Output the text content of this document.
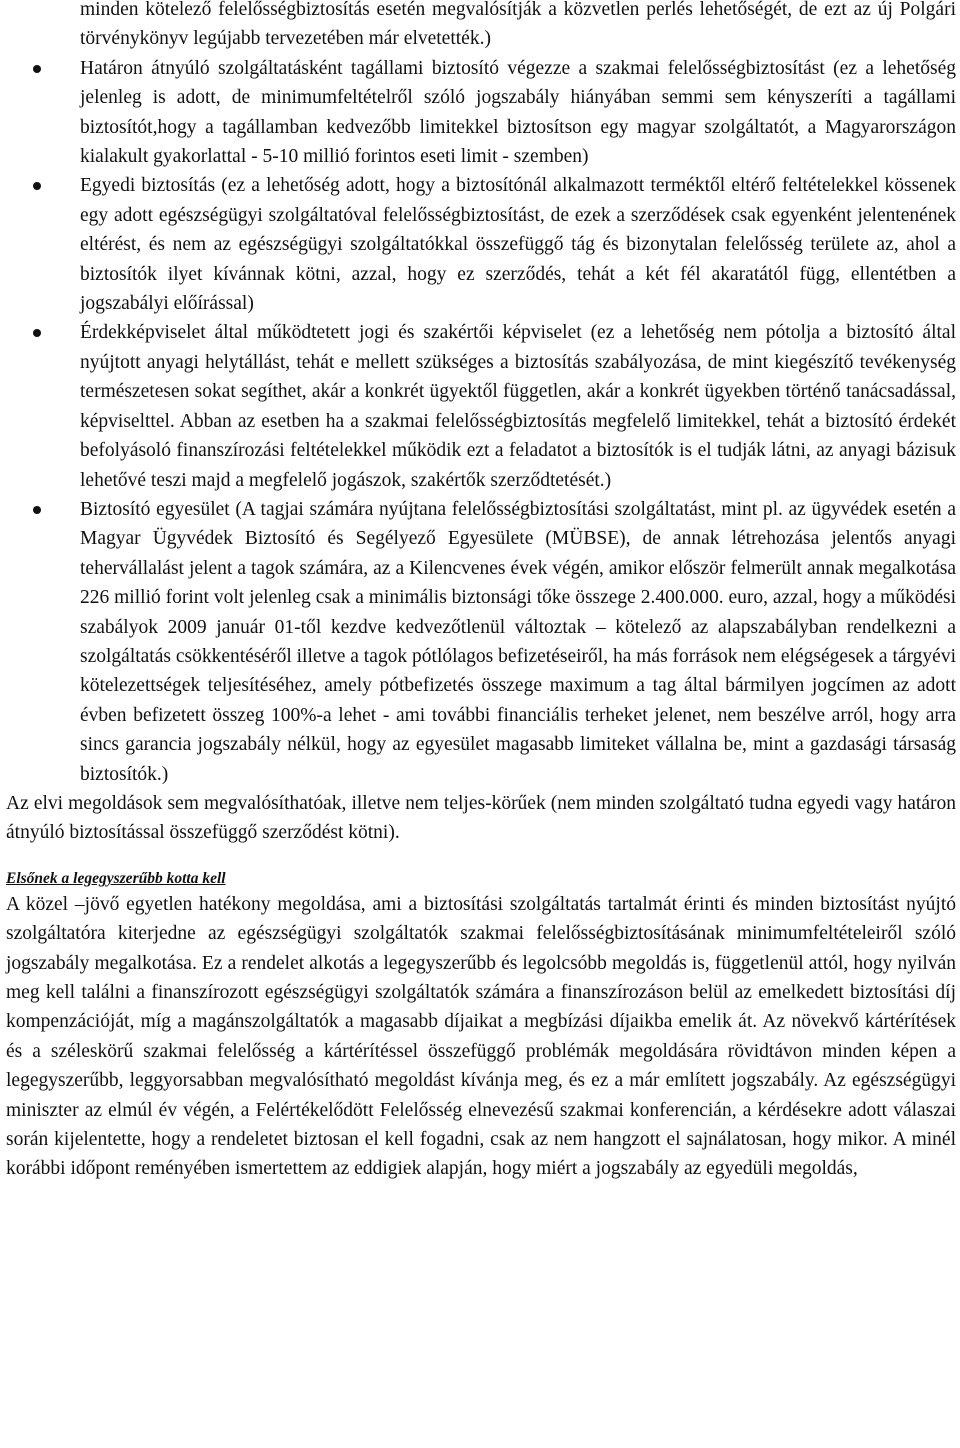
minden kötelező felelősségbiztosítás esetén megvalósítják a közvetlen perlés lehetőségét, de ezt az új Polgári törvénykönyv legújabb tervezetében már elvetették.)

Határon átnyúló szolgáltatásként tagállami biztosító végezze a szakmai felelősségbiztosítást (ez a lehetőség jelenleg is adott, de minimumfeltételről szóló jogszabály hiányában semmi sem kényszeríti a tagállami biztosítót,hogy a tagállamban kedvezőbb limitekkel biztosítson egy magyar szolgáltatót, a Magyarországon kialakult gyakorlattal - 5-10 millió forintos eseti limit - szemben)
Egyedi biztosítás (ez a lehetőség adott, hogy a biztosítónál alkalmazott terméktől eltérő feltételekkel kössenek egy adott egészségügyi szolgáltatóval felelősségbiztosítást, de ezek a szerződések csak egyenként jelentenének eltérést, és nem az egészségügyi szolgáltatókkal összefüggő tág és bizonytalan felelősség területe az, ahol a biztosítók ilyet kívánnak kötni, azzal, hogy ez szerződés, tehát a két fél akaratától függ, ellentétben a jogszabályi előírással)
Érdekképviselet által működtetett jogi és szakértői képviselet (ez a lehetőség nem pótolja a biztosító által nyújtott anyagi helytállást, tehát e mellett szükséges a biztosítás szabályozása, de mint kiegészítő tevékenység természetesen sokat segíthet, akár a konkrét ügyektől független, akár a konkrét ügyekben történő tanácsadással, képviselttel. Abban az esetben ha a szakmai felelősségbiztosítás megfelelő limitekkel, tehát a biztosító érdekét befolyásoló finanszírozási feltételekkel működik ezt a feladatot a biztosítók is el tudják látni, az anyagi bázisuk lehetővé teszi majd a megfelelő jogászok, szakértők szerződtetését.)
Biztosító egyesület (A tagjai számára nyújtana felelősségbiztosítási szolgáltatást, mint pl. az ügyvédek esetén a Magyar Ügyvédek Biztosító és Segélyező Egyesülete (MÜBSE), de annak létrehozása jelentős anyagi tehervállalást jelent a tagok számára, az a Kilencvenes évek végén, amikor először felmerült annak megalkotása 226 millió forint volt jelenleg csak a minimális biztonsági tőke összege 2.400.000. euro, azzal, hogy a működési szabályok 2009 január 01-től kezdve kedvezőtlenül változtak – kötelező az alapszabályban rendelkezni a szolgáltatás csökkentéséről illetve a tagok pótlólagos befizetéseiről, ha más források nem elégségesek a tárgyévi kötelezettségek teljesítéséhez, amely pótbefizetés összege maximum a tag által bármilyen jogcímen az adott évben befizetett összeg 100%-a lehet - ami további financiális terheket jelenet, nem beszélve arról, hogy arra sincs garancia jogszabály nélkül, hogy az egyesület magasabb limiteket vállalna be, mint a gazdasági társaság biztosítók.)

Az elvi megoldások sem megvalósíthatóak, illetve nem teljes-körűek (nem minden szolgáltató tudna egyedi vagy határon átnyúló biztosítással összefüggő szerződést kötni).

Elsőnek a legegyszerűbb kotta kell

A közel –jövő egyetlen hatékony megoldása, ami a biztosítási szolgáltatás tartalmát érinti és minden biztosítást nyújtó szolgáltatóra kiterjedne az egészségügyi szolgáltatók szakmai felelősségbiztosításának minimumfeltételeiről szóló jogszabály megalkotása. Ez a rendelet alkotás a legegyszerűbb és legolcsóbb megoldás is, függetlenül attól, hogy nyilván meg kell találni a finanszírozott egészségügyi szolgáltatók számára a finanszírozáson belül az emelkedett biztosítási díj kompenzációját, míg a magánszolgáltatók a magasabb díjaikat a megbízási díjaikba emelik át. Az növekvő kártérítések és a széleskörű szakmai felelősség a kártérítéssel összefüggő problémák megoldására rövidtávon minden képen a legegyszerűbb, leggyorsabban megvalósítható megoldást kívánja meg, és ez a már említett jogszabály. Az egészségügyi miniszter az elmúl év végén, a Felértékelődött Felelősség elnevezésű szakmai konferencián, a kérdésekre adott válaszai során kijelentette, hogy a rendeletet biztosan el kell fogadni, csak az nem hangzott el sajnálatosan, hogy mikor. A minél korábbi időpont reményében ismertettem az eddigiek alapján, hogy miért a jogszabály az egyedüli megoldás,
